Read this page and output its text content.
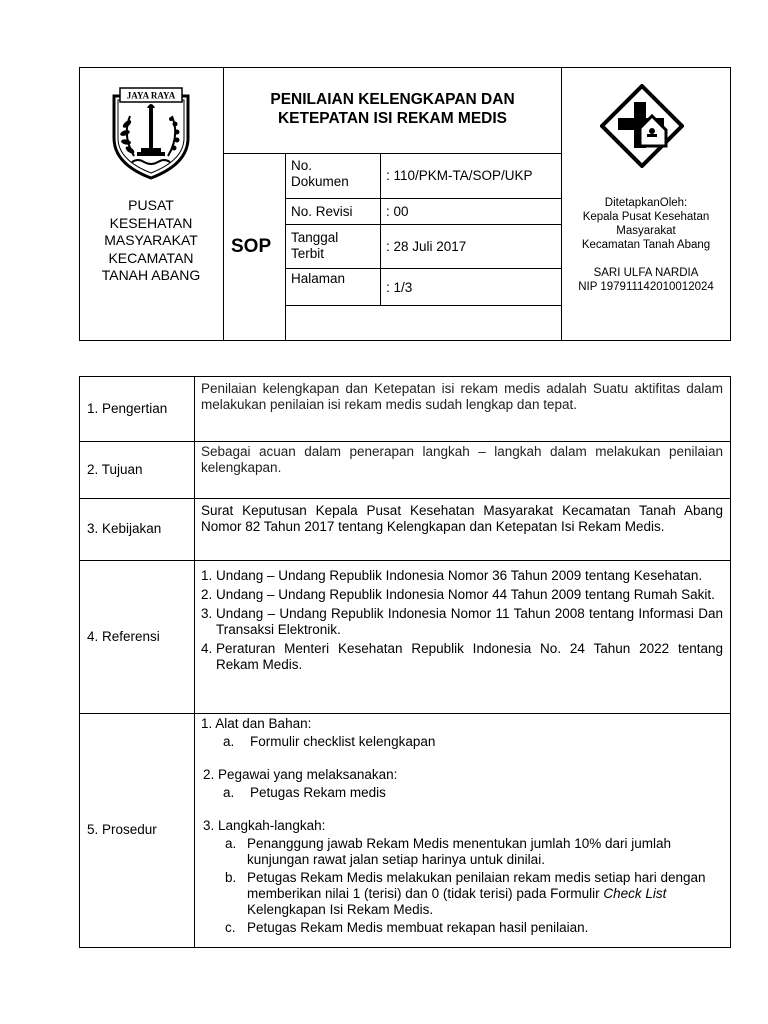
JAYA RAYA
PUSAT KESEHATAN MASYARAKAT KECAMATAN TANAH ABANG
PENILAIAN KELENGKAPAN DAN KETEPATAN ISI REKAM MEDIS
SOP
No. Dokumen	: 110/PKM-TA/SOP/UKP
No. Revisi : 00
Tanggal Terbit	: 28 Juli 2017
Halaman
: 1/3
DitetapkanOleh:
Kepala Pusat Kesehatan Masyarakat
Kecamatan Tanah Abang
SARI ULFA NARDIA
NIP 197911142010012024
1. Pengertian
Penilaian kelengkapan dan Ketepatan isi rekam medis adalah Suatu aktifitas dalam melakukan penilaian isi rekam medis sudah lengkap dan tepat.
2. Tujuan
Sebagai acuan dalam penerapan langkah – langkah dalam melakukan penilaian kelengkapan.
3. Kebijakan
Surat Keputusan Kepala Pusat Kesehatan Masyarakat Kecamatan Tanah Abang Nomor 82 Tahun 2017 tentang Kelengkapan dan Ketepatan Isi Rekam Medis.
4. Referensi
1. Undang – Undang Republik Indonesia Nomor 36 Tahun 2009 tentang Kesehatan.
2. Undang – Undang Republik Indonesia Nomor 44 Tahun 2009 tentang Rumah Sakit.
3. Undang – Undang Republik Indonesia Nomor 11 Tahun 2008 tentang Informasi Dan Transaksi Elektronik.
4. Peraturan Menteri Kesehatan Republik Indonesia No. 24 Tahun 2022 tentang Rekam Medis.
5. Prosedur
1. Alat dan Bahan:
a. Formulir checklist kelengkapan
2. Pegawai yang melaksanakan:
a. Petugas Rekam medis
3. Langkah-langkah:
a. Penanggung jawab Rekam Medis menentukan jumlah 10% dari jumlah kunjungan rawat jalan setiap harinya untuk dinilai.
b. Petugas Rekam Medis melakukan penilaian rekam medis setiap hari dengan memberikan nilai 1 (terisi) dan 0 (tidak terisi) pada Formulir Check List Kelengkapan Isi Rekam Medis.
c. Petugas Rekam Medis membuat rekapan hasil penilaian.
